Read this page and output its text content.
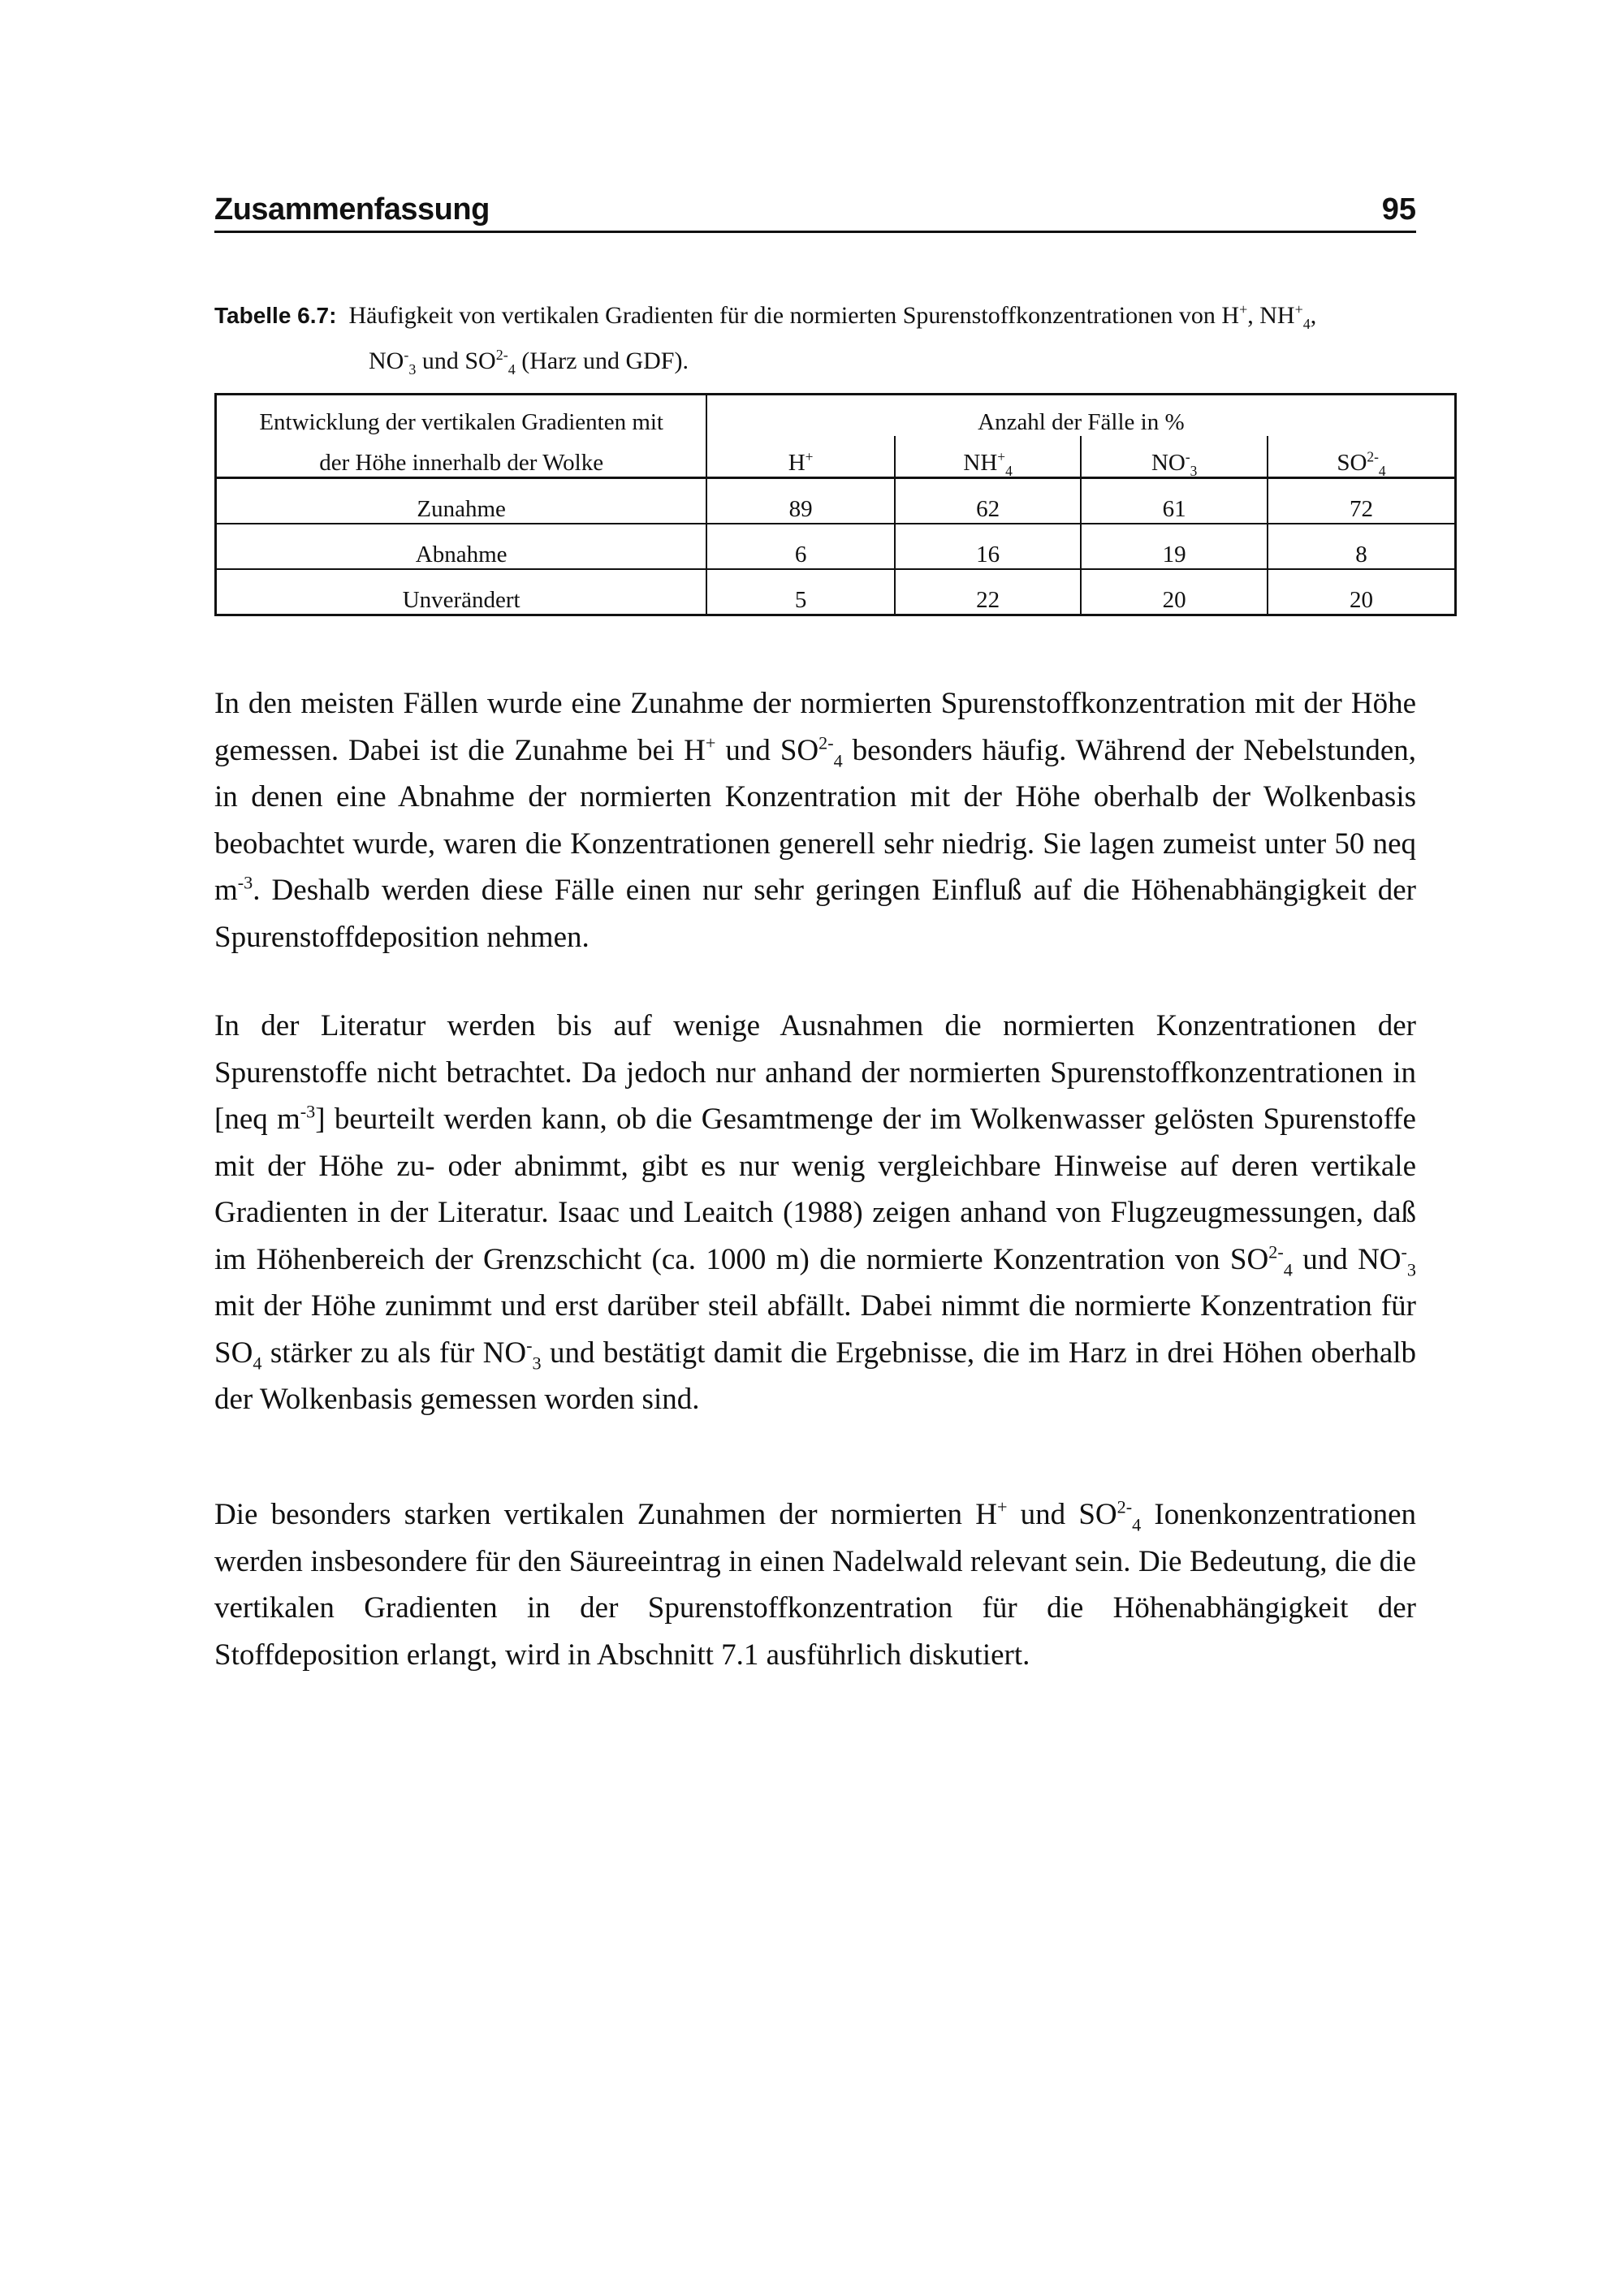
Zusammenfassung	95
Tabelle 6.7: Häufigkeit von vertikalen Gradienten für die normierten Spurenstoffkonzentrationen von H+, $NH^+_4$,
$NO^-_3$ und $SO^{2-}_4$ (Harz und GDF).
Entwicklung der vertikalen Gradienten mit		Anzahl der Fälle in %		
der Höhe innerhalb der Wolke	H+	$NH^+_4$	$NO^-_3$	$SO^{2-}_4$
Zunahme	89	62	61	72
Abnahme	6	16	19	8
Unverändert	5	22	20	20

In den meisten Fällen wurde eine Zunahme der normierten Spurenstoffkonzentration mit der Höhe gemessen. Dabei ist die Zunahme bei H+ und $SO^{2-}_4$ besonders häufig. Während der Nebelstunden, in denen eine Abnahme der normierten Konzentration mit der Höhe oberhalb der Wolkenbasis beobachtet wurde, waren die Konzentrationen generell sehr niedrig. Sie lagen zumeist unter 50 neq $m^{-3}$. Deshalb werden diese Fälle einen nur sehr geringen Einfluß auf die Höhenabhängigkeit der Spurenstoffdeposition nehmen.

In der Literatur werden bis auf wenige Ausnahmen die normierten Konzentrationen der Spurenstoffe nicht betrachtet. Da jedoch nur anhand der normierten Spurenstoffkonzentrationen in [neq $m^{-3}$] beurteilt werden kann, ob die Gesamtmenge der im Wolkenwasser gelösten Spurenstoffe mit der Höhe zu- oder abnimmt, gibt es nur wenig vergleichbare Hinweise auf deren vertikale Gradienten in der Literatur. Isaac und Leaitch (1988) zeigen anhand von Flugzeugmessungen, daß im Höhenbereich der Grenzschicht (ca. 1000 m) die normierte Konzentration von $SO^{2-}_4$ und $NO^-_3$ mit der Höhe zunimmt und erst darüber steil abfällt. Dabei nimmt die normierte Konzentration für $SO_4$ stärker zu als für $NO^-_3$ und bestätigt damit die Ergebnisse, die im Harz in drei Höhen oberhalb der Wolkenbasis gemessen worden sind.

Die besonders starken vertikalen Zunahmen der normierten H+ und $SO^{2-}_4$ Ionenkonzentrationen werden insbesondere für den Säureeintrag in einen Nadelwald relevant sein. Die Bedeutung, die die vertikalen Gradienten in der Spurenstoffkonzentration für die Höhenabhängigkeit der Stoffdeposition erlangt, wird in Abschnitt 7.1 ausführlich diskutiert.
